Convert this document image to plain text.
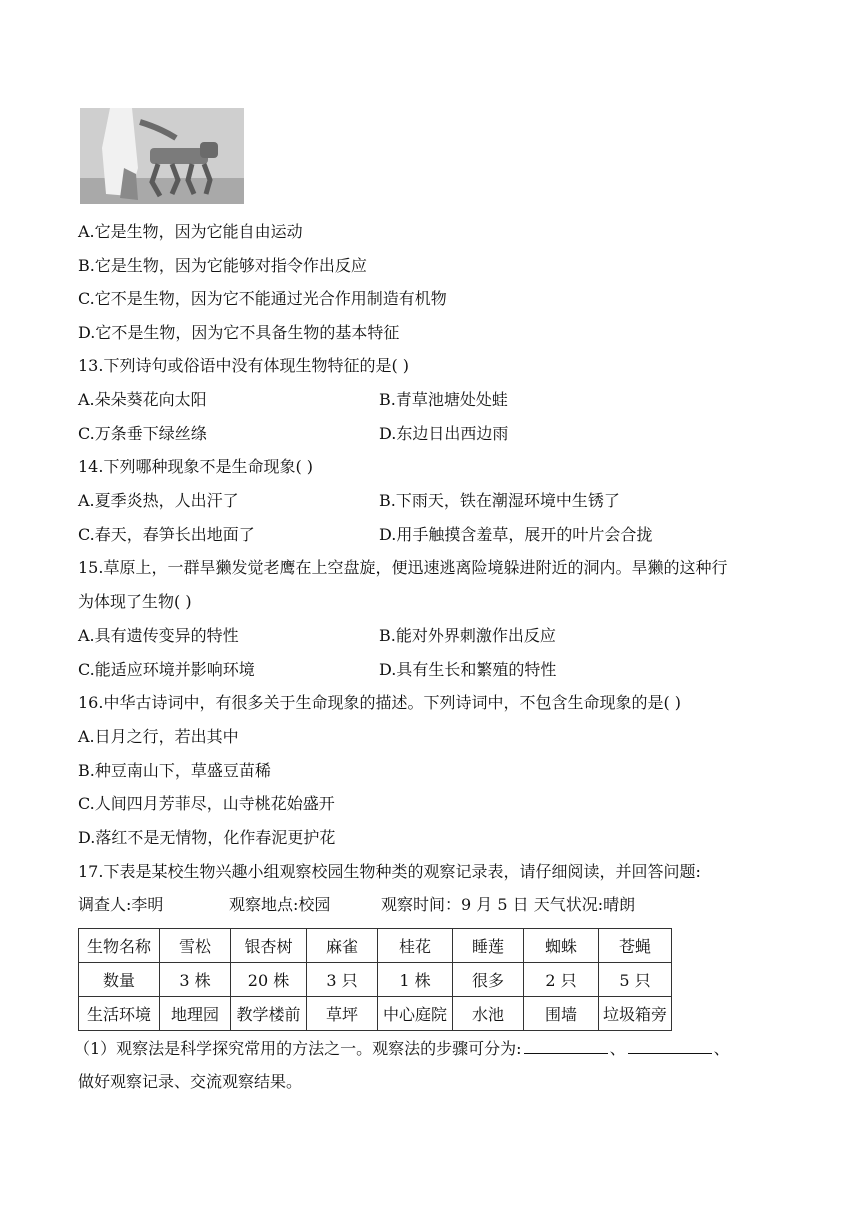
A.它是生物，因为它能自由运动
B.它是生物，因为它能够对指令作出反应
C.它不是生物，因为它不能通过光合作用制造有机物
D.它不是生物，因为它不具备生物的基本特征
13.下列诗句或俗语中没有体现生物特征的是( )
A.朵朵葵花向太阳	B.青草池塘处处蛙
C.万条垂下绿丝绦	D.东边日出西边雨
14.下列哪种现象不是生命现象( )
A.夏季炎热，人出汗了	B.下雨天，铁在潮湿环境中生锈了
C.春天，春笋长出地面了	D.用手触摸含羞草，展开的叶片会合拢
15.草原上，一群旱獭发觉老鹰在上空盘旋，便迅速逃离险境躲进附近的洞内。旱獭的这种行
为体现了生物( )
A.具有遗传变异的特性	B.能对外界刺激作出反应
C.能适应环境并影响环境	D.具有生长和繁殖的特性
16.中华古诗词中，有很多关于生命现象的描述。下列诗词中，不包含生命现象的是( )
A.日月之行，若出其中
B.种豆南山下，草盛豆苗稀
C.人间四月芳菲尽，山寺桃花始盛开
D.落红不是无情物，化作春泥更护花
17.下表是某校生物兴趣小组观察校园生物种类的观察记录表，请仔细阅读，并回答问题:
调查人:李明	观察地点:校园	观察时间：9 月 5 日 天气状况:晴朗
生物名称	雪松	银杏树	麻雀	桂花	睡莲	蜘蛛	苍蝇
数量	3 株	20 株	3 只	1 株	很多	2 只	5 只
生活环境	地理园	教学楼前	草坪	中心庭院	水池	围墙	垃圾箱旁
（1）观察法是科学探究常用的方法之一。观察法的步骤可分为:	、	、
做好观察记录、交流观察结果。
